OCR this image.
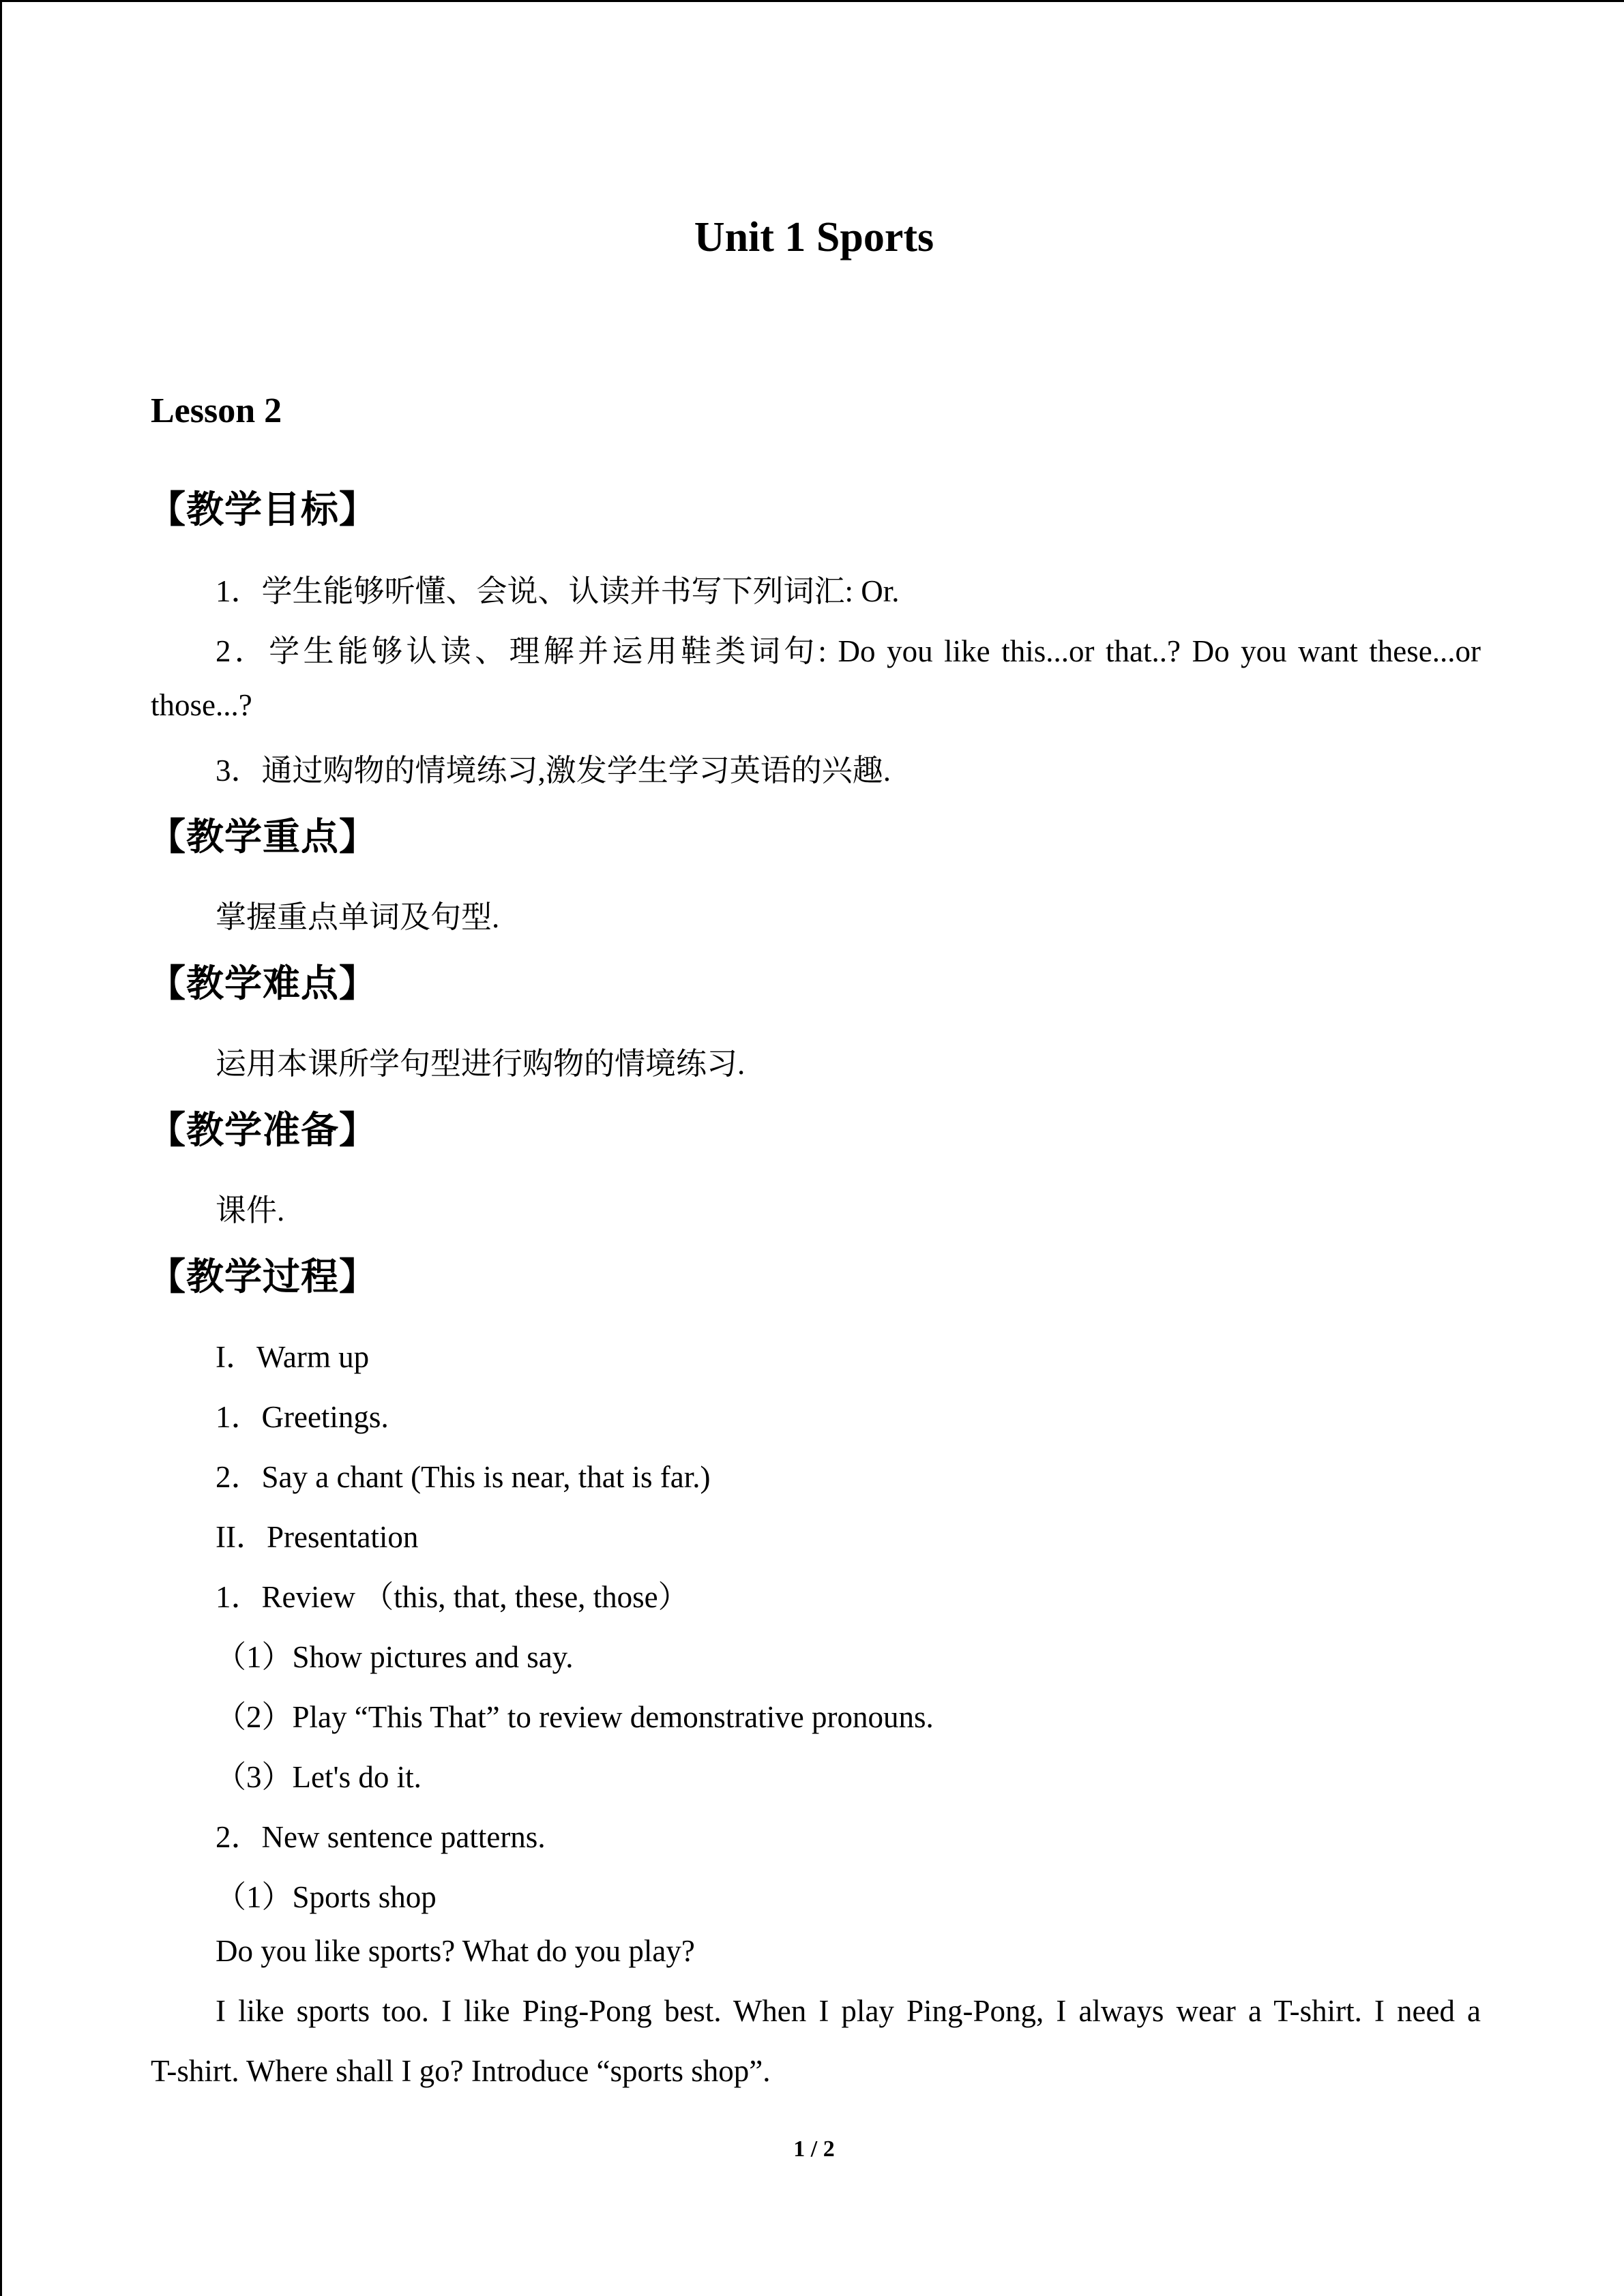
Unit 1 Sports
Lesson 2
【教学目标】
1．学生能够听懂、会说、认读并书写下列词汇: Or.
2．学生能够认读、理解并运用鞋类词句: Do you like this...or that..? Do you want these...or
those...?
3．通过购物的情境练习,激发学生学习英语的兴趣.
【教学重点】
掌握重点单词及句型.
【教学难点】
运用本课所学句型进行购物的情境练习.
【教学准备】
课件.
【教学过程】
I．Warm up
1．Greetings.
2．Say a chant (This is near, that is far.)
II．Presentation
1．Review （this, that, these, those）
（1）Show pictures and say.
（2）Play “This That” to review demonstrative pronouns.
（3）Let's do it.
2．New sentence patterns.
（1）Sports shop
Do you like sports? What do you play?
I like sports too. I like Ping-Pong best. When I play Ping-Pong, I always wear a T-shirt. I need a
T-shirt. Where shall I go? Introduce “sports shop”.
1 / 2
